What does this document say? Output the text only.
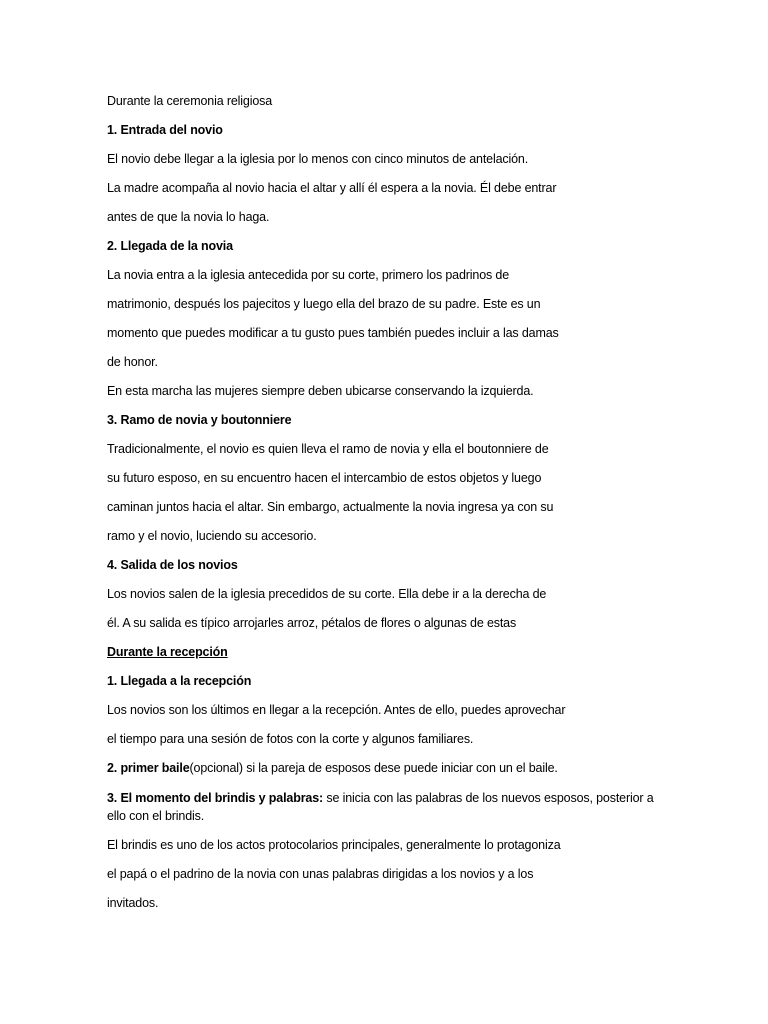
Durante la ceremonia religiosa
1. Entrada del novio
El novio debe llegar a la iglesia por lo menos con cinco minutos de antelación.
La madre acompaña al novio hacia el altar y allí él espera a la novia. Él debe entrar
antes de que la novia lo haga.
2. Llegada de la novia
La novia entra a la iglesia antecedida por su corte, primero los padrinos de
matrimonio, después los pajecitos y luego ella del brazo de su padre. Este es un
momento que puedes modificar a tu gusto pues también puedes incluir a las damas
de honor.
En esta marcha las mujeres siempre deben ubicarse conservando la izquierda.
3. Ramo de novia y boutonniere
Tradicionalmente, el novio es quien lleva el ramo de novia y ella el boutonniere de
su futuro esposo, en su encuentro hacen el intercambio de estos objetos y luego
caminan juntos hacia el altar. Sin embargo, actualmente la novia ingresa ya con su
ramo y el novio, luciendo su accesorio.
4. Salida de los novios
Los novios salen de la iglesia precedidos de su corte. Ella debe ir a la derecha de
él. A su salida es típico arrojarles arroz, pétalos de flores o algunas de estas
Durante la recepción
1. Llegada a la recepción
Los novios son los últimos en llegar a la recepción. Antes de ello, puedes aprovechar
el tiempo para una sesión de fotos con la corte y algunos familiares.
2. primer baile(opcional) si la pareja de esposos dese puede iniciar con un el baile.
3. El momento del brindis y palabras: se inicia con las palabras de los nuevos esposos, posterior a
ello con el brindis.
El brindis es uno de los actos protocolarios principales, generalmente lo protagoniza
el papá o el padrino de la novia con unas palabras dirigidas a los novios y a los
invitados.
